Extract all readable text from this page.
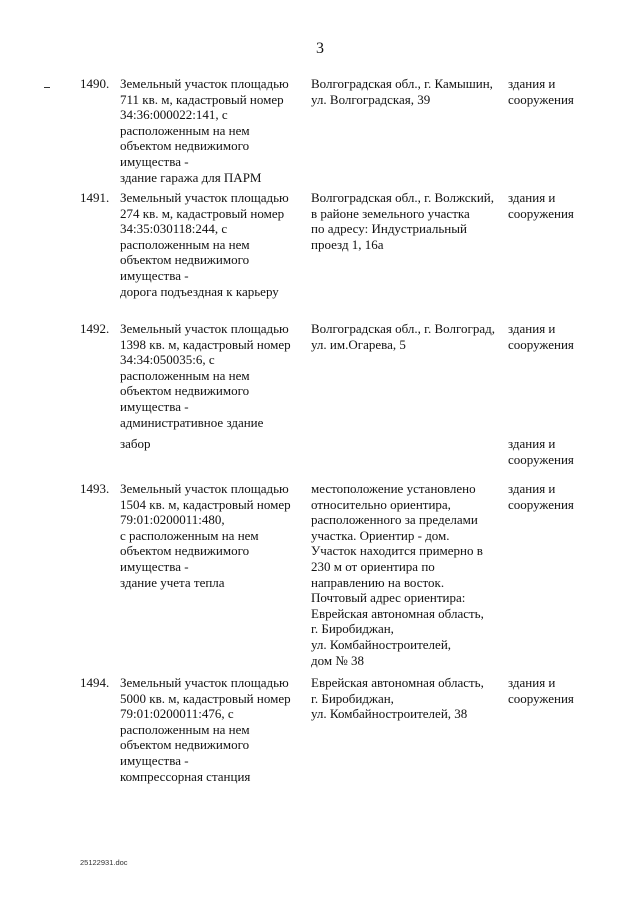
3
1490. Земельный участок площадью
711 кв. м, кадастровый номер
34:36:000022:141, с
расположенным на нем
объектом недвижимого
имущества -
здание гаража для ПАРМ
Волгоградская обл., г. Камышин,
ул. Волгоградская, 39
здания и
сооружения
1491. Земельный участок площадью
274 кв. м, кадастровый номер
34:35:030118:244, с
расположенным на нем
объектом недвижимого
имущества -
дорога подъездная к карьеру
Волгоградская обл., г. Волжский,
в районе земельного участка
по адресу: Индустриальный
проезд 1, 16а
здания и
сооружения
1492. Земельный участок площадью
1398 кв. м, кадастровый номер
34:34:050035:6, с
расположенным на нем
объектом недвижимого
имущества -
административное здание
Волгоградская обл., г. Волгоград,
ул. им.Огарева, 5
здания и
сооружения
забор	здания и
сооружения
1493. Земельный участок площадью
1504 кв. м, кадастровый номер
79:01:0200011:480,
с расположенным на нем
объектом недвижимого
имущества -
здание учета тепла
местоположение установлено
относительно ориентира,
расположенного за пределами
участка. Ориентир - дом.
Участок находится примерно в
230 м от ориентира по
направлению на восток.
Почтовый адрес ориентира:
Еврейская автономная область,
г. Биробиджан,
ул. Комбайностроителей,
дом № 38
здания и
сооружения
1494. Земельный участок площадью
5000 кв. м, кадастровый номер
79:01:0200011:476, с
расположенным на нем
объектом недвижимого
имущества -
компрессорная станция
Еврейская автономная область,
г. Биробиджан,
ул. Комбайностроителей, 38
здания и
сооружения
25122931.doc
